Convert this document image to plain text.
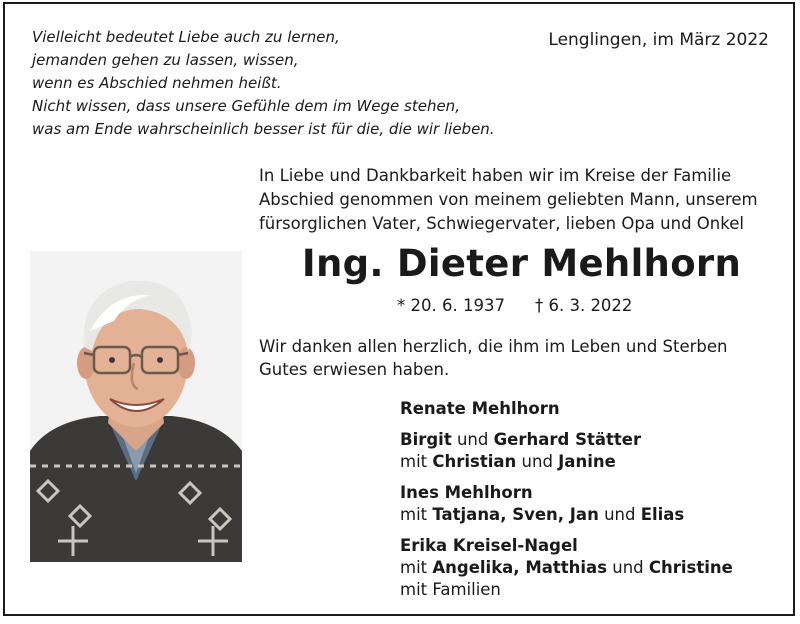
Vielleicht bedeutet Liebe auch zu lernen,
jemanden gehen zu lassen, wissen,
wenn es Abschied nehmen heißt.
Nicht wissen, dass unsere Gefühle dem im Wege stehen,
was am Ende wahrscheinlich besser ist für die, die wir lieben.
Lenglingen, im März 2022
In Liebe und Dankbarkeit haben wir im Kreise der Familie
Abschied genommen von meinem geliebten Mann, unserem
fürsorglichen Vater, Schwiegervater, lieben Opa und Onkel
Ing. Dieter Mehlhorn
* 20. 6. 1937 † 6. 3. 2022
Wir danken allen herzlich, die ihm im Leben und Sterben
Gutes erwiesen haben.
Renate Mehlhorn
Birgit und Gerhard Stätter
mit Christian und Janine
Ines Mehlhorn
mit Tatjana, Sven, Jan und Elias
Erika Kreisel-Nagel
mit Angelika, Matthias und Christine
mit Familien
